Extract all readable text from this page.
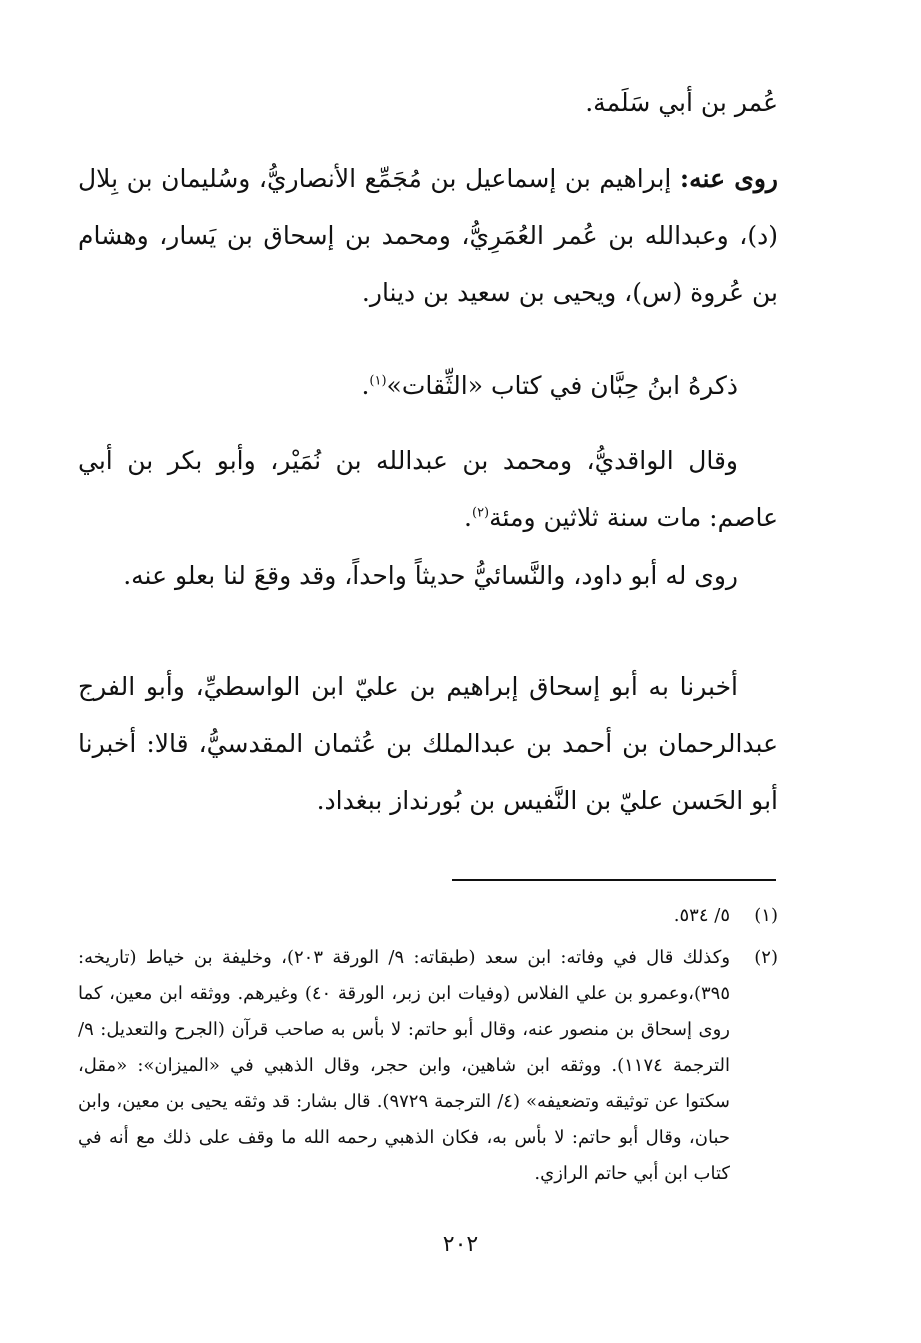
عُمر بن أبي سَلَمة.

روى عنه: إبراهيم بن إسماعيل بن مُجَمِّع الأنصاريُّ، وسُليمان بن بِلال (د)، وعبدالله بن عُمر العُمَرِيُّ، ومحمد بن إسحاق بن يَسار، وهشام بن عُروة (س)، ويحيى بن سعيد بن دينار.

ذكرهُ ابنُ حِبَّان في كتاب «الثِّقات»$^{(١)}$.

وقال الواقديُّ، ومحمد بن عبدالله بن نُمَيْر، وأبو بكر بن أبي عاصم: مات سنة ثلاثين ومئة$^{(٢)}$.

روى له أبو داود، والنَّسائيُّ حديثاً واحداً، وقد وقعَ لنا بعلو عنه.

أخبرنا به أبو إسحاق إبراهيم بن عليّ ابن الواسطيِّ، وأبو الفرج عبدالرحمان بن أحمد بن عبدالملك بن عُثمان المقدسيُّ، قالا: أخبرنا أبو الحَسن عليّ بن النَّفيس بن بُورنداز ببغداد.

(١)
٥/ ٥٣٤.
(٢)
وكذلك قال في وفاته: ابن سعد (طبقاته: ٩/ الورقة ٢٠٣)، وخليفة بن خياط (تاريخه: ٣٩٥)،وعمرو بن علي الفلاس (وفيات ابن زبر، الورقة ٤٠) وغيرهم. ووثقه ابن معين، كما روى إسحاق بن منصور عنه، وقال أبو حاتم: لا بأس به صاحب قرآن (الجرح والتعديل: ٩/ الترجمة ١١٧٤). ووثقه ابن شاهين، وابن حجر، وقال الذهبي في «الميزان»: «مقل، سكتوا عن توثيقه وتضعيفه» (٤/ الترجمة ٩٧٢٩). قال بشار: قد وثقه يحيى بن معين، وابن حبان، وقال أبو حاتم: لا بأس به، فكان الذهبي رحمه الله ما وقف على ذلك مع أنه في كتاب ابن أبي حاتم الرازي.
٢٠٢
